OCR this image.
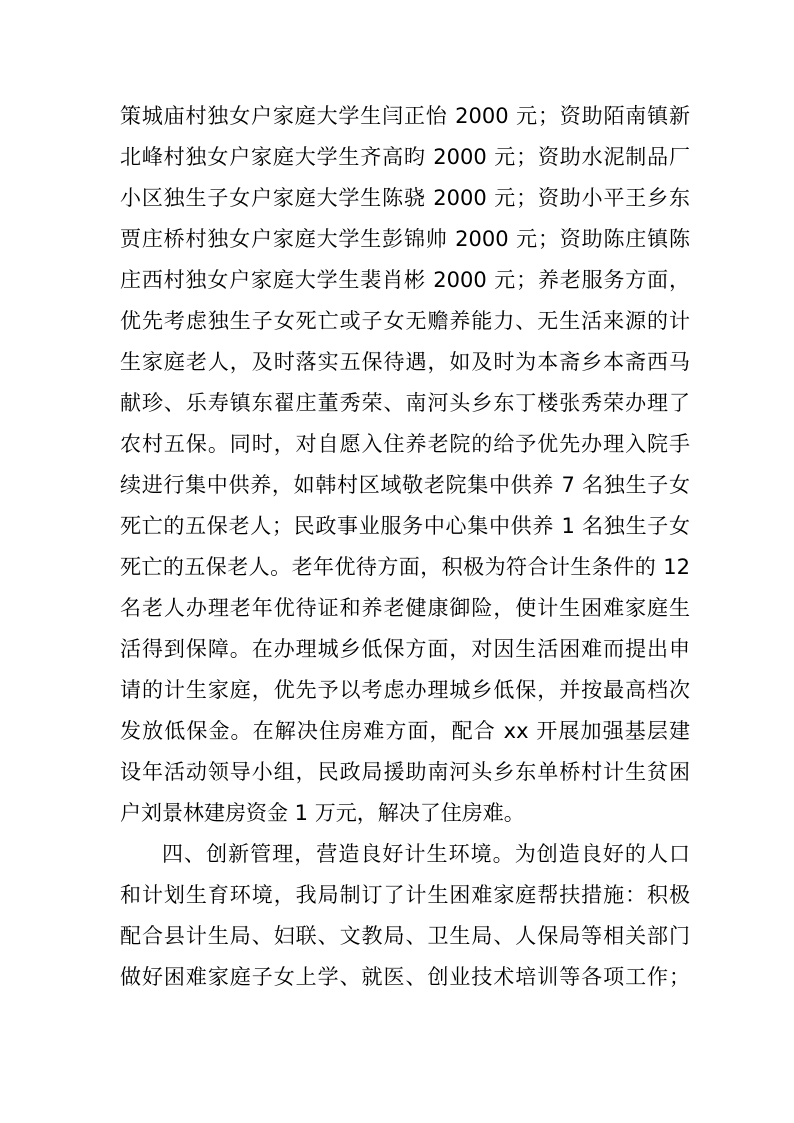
策城庙村独女户家庭大学生闫正怡 2000 元；资助陌南镇新
北峰村独女户家庭大学生齐高昀 2000 元；资助水泥制品厂
小区独生子女户家庭大学生陈骁 2000 元；资助小平王乡东
贾庄桥村独女户家庭大学生彭锦帅 2000 元；资助陈庄镇陈
庄西村独女户家庭大学生裴肖彬 2000 元；养老服务方面，
优先考虑独生子女死亡或子女无赡养能力、无生活来源的计
生家庭老人，及时落实五保待遇，如及时为本斋乡本斋西马
献珍、乐寿镇东翟庄董秀荣、南河头乡东丁楼张秀荣办理了
农村五保。同时，对自愿入住养老院的给予优先办理入院手
续进行集中供养，如韩村区域敬老院集中供养 7 名独生子女
死亡的五保老人；民政事业服务中心集中供养 1 名独生子女
死亡的五保老人。老年优待方面，积极为符合计生条件的 12
名老人办理老年优待证和养老健康御险，使计生困难家庭生
活得到保障。在办理城乡低保方面，对因生活困难而提出申
请的计生家庭，优先予以考虑办理城乡低保，并按最高档次
发放低保金。在解决住房难方面，配合 xx 开展加强基层建
设年活动领导小组，民政局援助南河头乡东单桥村计生贫困
户刘景林建房资金 1 万元，解决了住房难。
四、创新管理，营造良好计生环境。为创造良好的人口
和计划生育环境，我局制订了计生困难家庭帮扶措施：积极
配合县计生局、妇联、文教局、卫生局、人保局等相关部门
做好困难家庭子女上学、就医、创业技术培训等各项工作；
